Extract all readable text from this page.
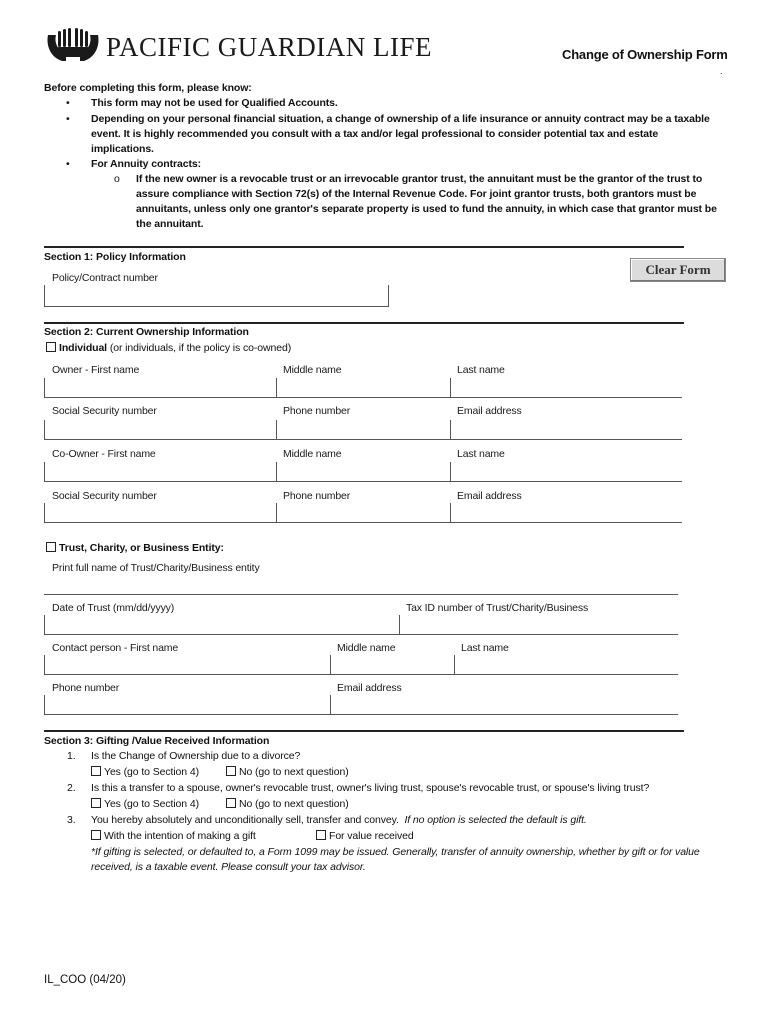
PACIFIC GUARDIAN LIFE	Change of Ownership Form
.
Before completing this form, please know:
• This form may not be used for Qualified Accounts.
• Depending on your personal financial situation, a change of ownership of a life insurance or annuity contract may be a taxable
event. It is highly recommended you consult with a tax and/or legal professional to consider potential tax and estate
implications.
• For Annuity contracts:
o If the new owner is a revocable trust or an irrevocable grantor trust, the annuitant must be the grantor of the trust to
assure compliance with Section 72(s) of the Internal Revenue Code. For joint grantor trusts, both grantors must be
annuitants, unless only one grantor's separate property is used to fund the annuity, in which case that grantor must be
the annuitant.
Section 1: Policy Information
Policy/Contract number
Clear Form
Section 2: Current Ownership Information
Individual (or individuals, if the policy is co-owned)
Owner - First name	Middle name	Last name
Social Security number	Phone number	Email address
Co-Owner - First name	Middle name	Last name
Social Security number	Phone number	Email address
Trust, Charity, or Business Entity:
Print full name of Trust/Charity/Business entity
Date of Trust (mm/dd/yyyy)	Tax ID number of Trust/Charity/Business
Contact person - First name	Middle name	Last name
Phone number	Email address
Section 3: Gifting /Value Received Information
1. Is the Change of Ownership due to a divorce?
Yes (go to Section 4)	No (go to next question)
2. Is this a transfer to a spouse, owner's revocable trust, owner's living trust, spouse's revocable trust, or spouse's living trust?
Yes (go to Section 4)	No (go to next question)
3. You hereby absolutely and unconditionally sell, transfer and convey. If no option is selected the default is gift.
With the intention of making a gift	For value received
*If gifting is selected, or defaulted to, a Form 1099 may be issued. Generally, transfer of annuity ownership, whether by gift or for value
received, is a taxable event. Please consult your tax advisor.
IL_COO (04/20)
